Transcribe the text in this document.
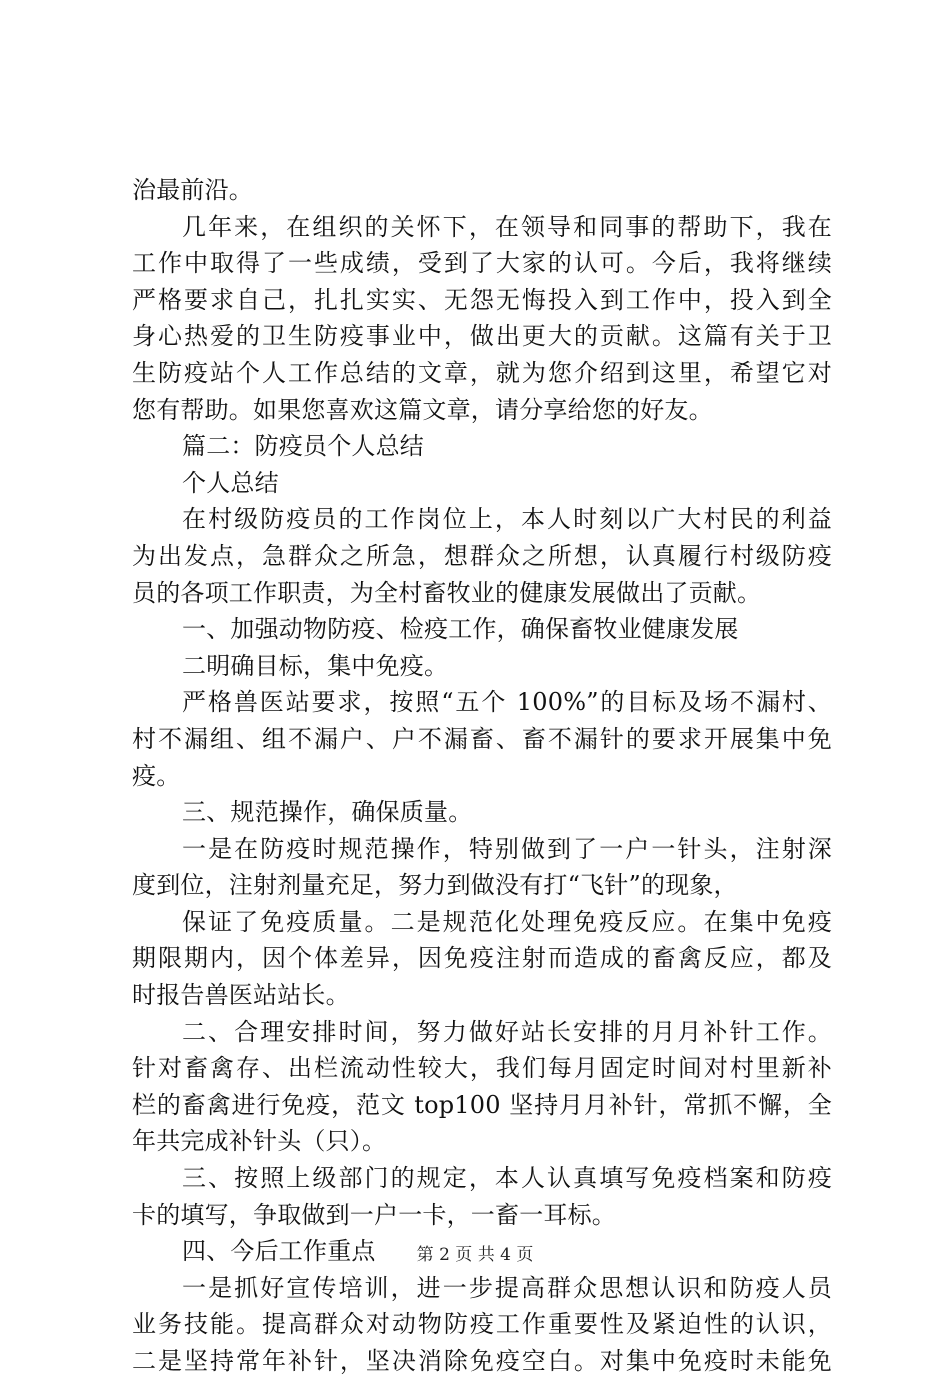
治最前沿。
几年来，在组织的关怀下，在领导和同事的帮助下，我在
工作中取得了一些成绩，受到了大家的认可。今后，我将继续
严格要求自己，扎扎实实、无怨无悔投入到工作中，投入到全
身心热爱的卫生防疫事业中，做出更大的贡献。这篇有关于卫
生防疫站个人工作总结的文章，就为您介绍到这里，希望它对
您有帮助。如果您喜欢这篇文章，请分享给您的好友。
篇二：防疫员个人总结
个人总结
在村级防疫员的工作岗位上，本人时刻以广大村民的利益
为出发点，急群众之所急，想群众之所想，认真履行村级防疫
员的各项工作职责，为全村畜牧业的健康发展做出了贡献。
一、加强动物防疫、检疫工作，确保畜牧业健康发展
二明确目标，集中免疫。
严格兽医站要求，按照“五个 100%”的目标及场不漏村、
村不漏组、组不漏户、户不漏畜、畜不漏针的要求开展集中免
疫。
三、规范操作，确保质量。
一是在防疫时规范操作，特别做到了一户一针头，注射深
度到位，注射剂量充足，努力到做没有打“飞针”的现象，
保证了免疫质量。二是规范化处理免疫反应。在集中免疫
期限期内，因个体差异，因免疫注射而造成的畜禽反应，都及
时报告兽医站站长。
二、合理安排时间，努力做好站长安排的月月补针工作。
针对畜禽存、出栏流动性较大，我们每月固定时间对村里新补
栏的畜禽进行免疫，范文 top100 坚持月月补针，常抓不懈，全
年共完成补针头（只）。
三、按照上级部门的规定，本人认真填写免疫档案和防疫
卡的填写，争取做到一户一卡，一畜一耳标。
四、今后工作重点
一是抓好宣传培训，进一步提高群众思想认识和防疫人员
业务技能。提高群众对动物防疫工作重要性及紧迫性的认识，
二是坚持常年补针，坚决消除免疫空白。对集中免疫时未能免
第 2 页 共 4 页
